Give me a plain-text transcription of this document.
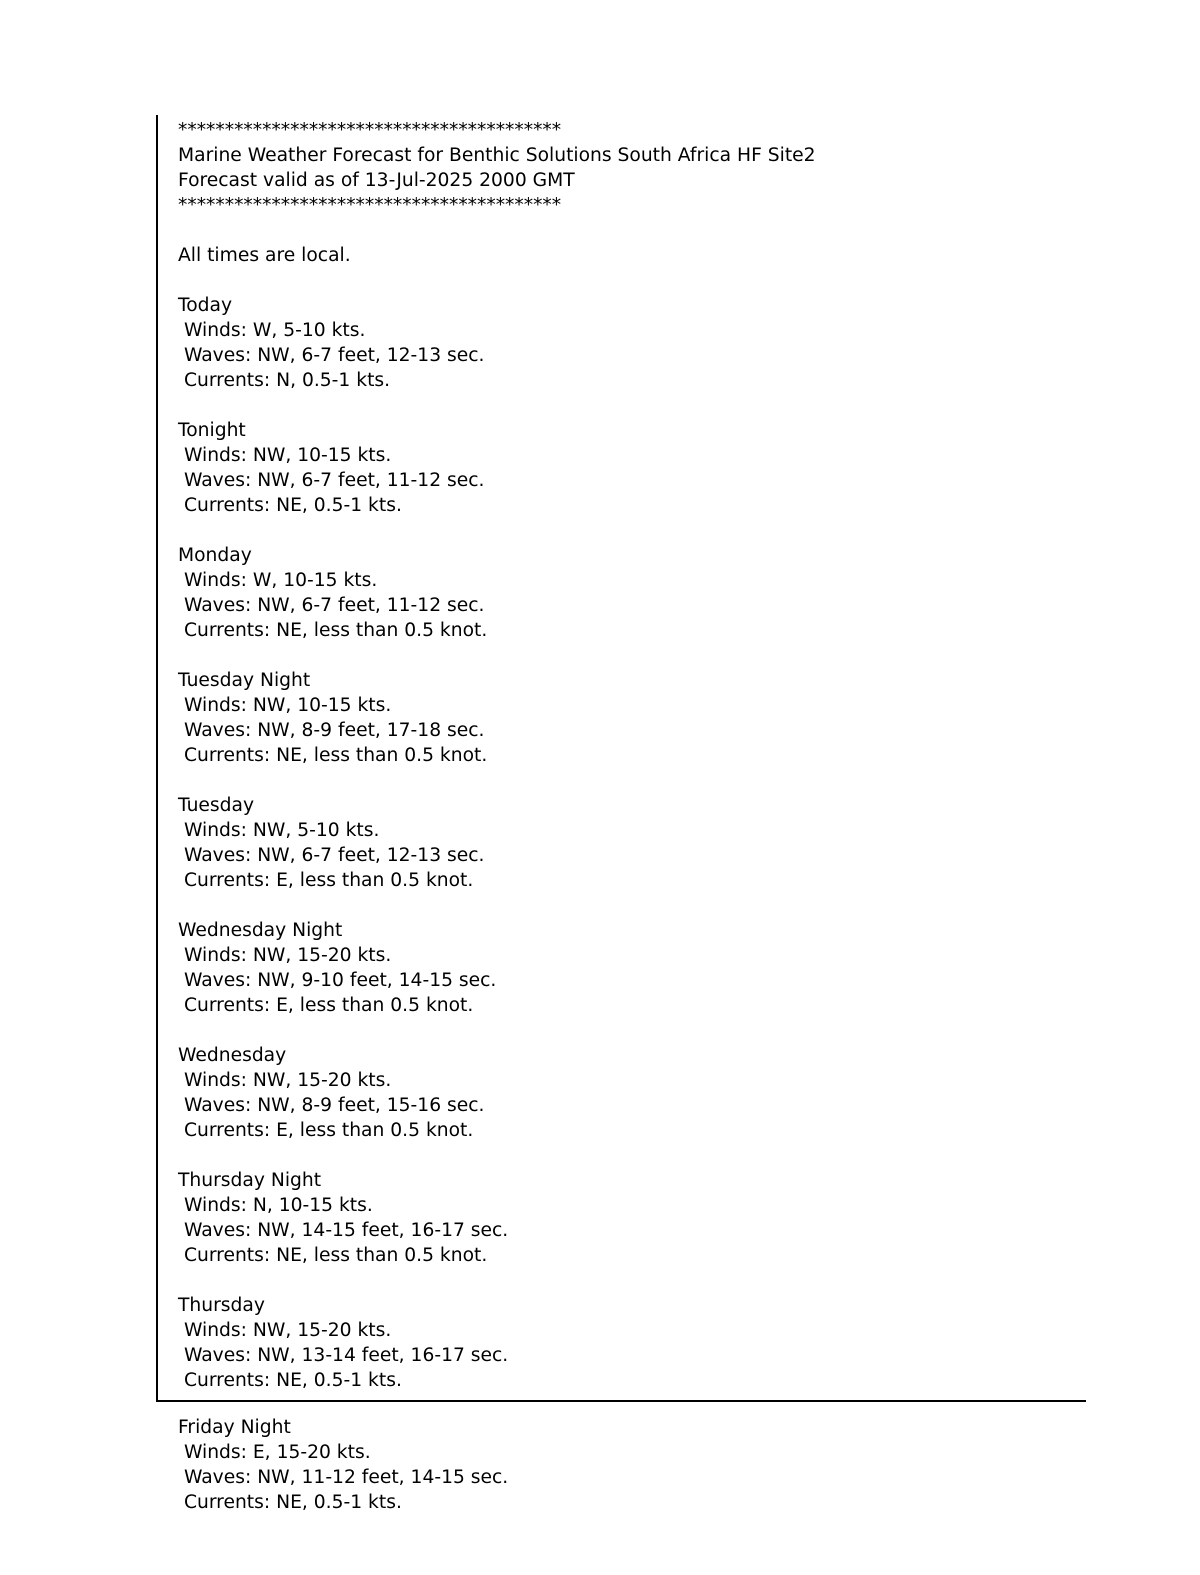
*****************************************
Marine Weather Forecast for Benthic Solutions South Africa HF Site2
Forecast valid as of 13-Jul-2025 2000 GMT
*****************************************
All times are local.
Today
Winds: W, 5-10 kts.
Waves: NW, 6-7 feet, 12-13 sec.
Currents: N, 0.5-1 kts.
Tonight
Winds: NW, 10-15 kts.
Waves: NW, 6-7 feet, 11-12 sec.
Currents: NE, 0.5-1 kts.
Monday
Winds: W, 10-15 kts.
Waves: NW, 6-7 feet, 11-12 sec.
Currents: NE, less than 0.5 knot.
Tuesday Night
Winds: NW, 10-15 kts.
Waves: NW, 8-9 feet, 17-18 sec.
Currents: NE, less than 0.5 knot.
Tuesday
Winds: NW, 5-10 kts.
Waves: NW, 6-7 feet, 12-13 sec.
Currents: E, less than 0.5 knot.
Wednesday Night
Winds: NW, 15-20 kts.
Waves: NW, 9-10 feet, 14-15 sec.
Currents: E, less than 0.5 knot.
Wednesday
Winds: NW, 15-20 kts.
Waves: NW, 8-9 feet, 15-16 sec.
Currents: E, less than 0.5 knot.
Thursday Night
Winds: N, 10-15 kts.
Waves: NW, 14-15 feet, 16-17 sec.
Currents: NE, less than 0.5 knot.
Thursday
Winds: NW, 15-20 kts.
Waves: NW, 13-14 feet, 16-17 sec.
Currents: NE, 0.5-1 kts.
Friday Night
Winds: E, 15-20 kts.
Waves: NW, 11-12 feet, 14-15 sec.
Currents: NE, 0.5-1 kts.
